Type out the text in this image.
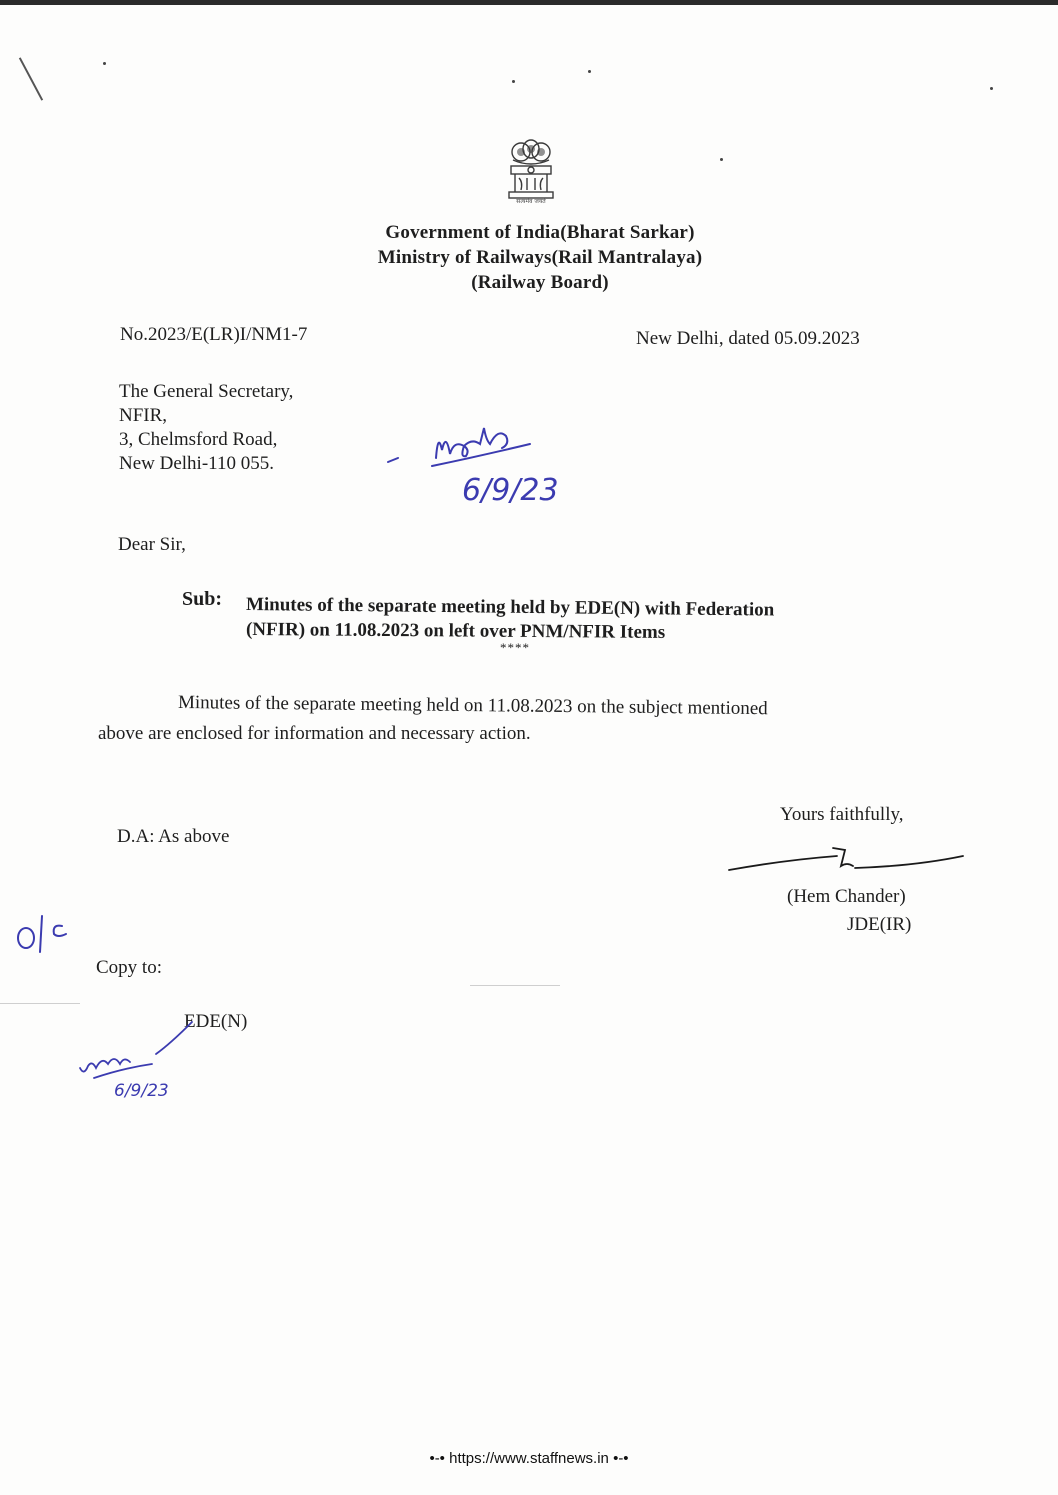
सत्यमेव जयते
Government of India(Bharat Sarkar)
Ministry of Railways(Rail Mantralaya)
(Railway Board)
No.2023/E(LR)I/NM1-7	New Delhi, dated 05.09.2023
The General Secretary,
NFIR,
3, Chelmsford Road,
New Delhi-110 055.
6/9/23
Dear Sir,
Sub: Minutes of the separate meeting held by EDE(N) with Federation
(NFIR) on 11.08.2023 on left over PNM/NFIR Items
****
Minutes of the separate meeting held on 11.08.2023 on the subject mentioned
above are enclosed for information and necessary action.
Yours faithfully,
D.A: As above
(Hem Chander)
JDE(IR)
Copy to:
EDE(N)
6/9/23
•-• https://www.staffnews.in •-•
